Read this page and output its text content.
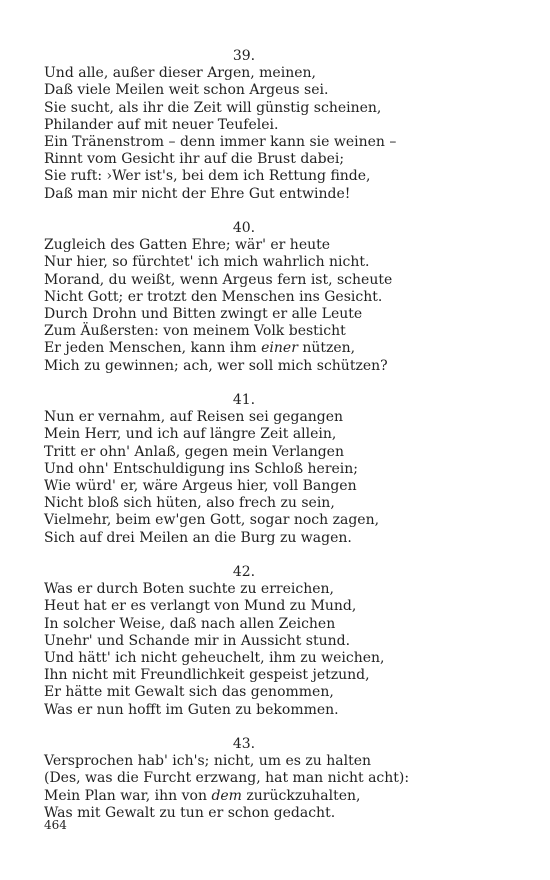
39.
Und alle, außer dieser Argen, meinen,
Daß viele Meilen weit schon Argeus sei.
Sie sucht, als ihr die Zeit will günstig scheinen,
Philander auf mit neuer Teufelei.
Ein Tränenstrom – denn immer kann sie weinen –
Rinnt vom Gesicht ihr auf die Brust dabei;
Sie ruft: ›Wer ist's, bei dem ich Rettung finde,
Daß man mir nicht der Ehre Gut entwinde!
40.
Zugleich des Gatten Ehre; wär' er heute
Nur hier, so fürchtet' ich mich wahrlich nicht.
Morand, du weißt, wenn Argeus fern ist, scheute
Nicht Gott; er trotzt den Menschen ins Gesicht.
Durch Drohn und Bitten zwingt er alle Leute
Zum Äußersten: von meinem Volk besticht
Er jeden Menschen, kann ihm einer nützen,
Mich zu gewinnen; ach, wer soll mich schützen?
41.
Nun er vernahm, auf Reisen sei gegangen
Mein Herr, und ich auf längre Zeit allein,
Tritt er ohn' Anlaß, gegen mein Verlangen
Und ohn' Entschuldigung ins Schloß herein;
Wie würd' er, wäre Argeus hier, voll Bangen
Nicht bloß sich hüten, also frech zu sein,
Vielmehr, beim ew'gen Gott, sogar noch zagen,
Sich auf drei Meilen an die Burg zu wagen.
42.
Was er durch Boten suchte zu erreichen,
Heut hat er es verlangt von Mund zu Mund,
In solcher Weise, daß nach allen Zeichen
Unehr' und Schande mir in Aussicht stund.
Und hätt' ich nicht geheuchelt, ihm zu weichen,
Ihn nicht mit Freundlichkeit gespeist jetzund,
Er hätte mit Gewalt sich das genommen,
Was er nun hofft im Guten zu bekommen.
43.
Versprochen hab' ich's; nicht, um es zu halten
(Des, was die Furcht erzwang, hat man nicht acht):
Mein Plan war, ihn von dem zurückzuhalten,
Was mit Gewalt zu tun er schon gedacht.
464
